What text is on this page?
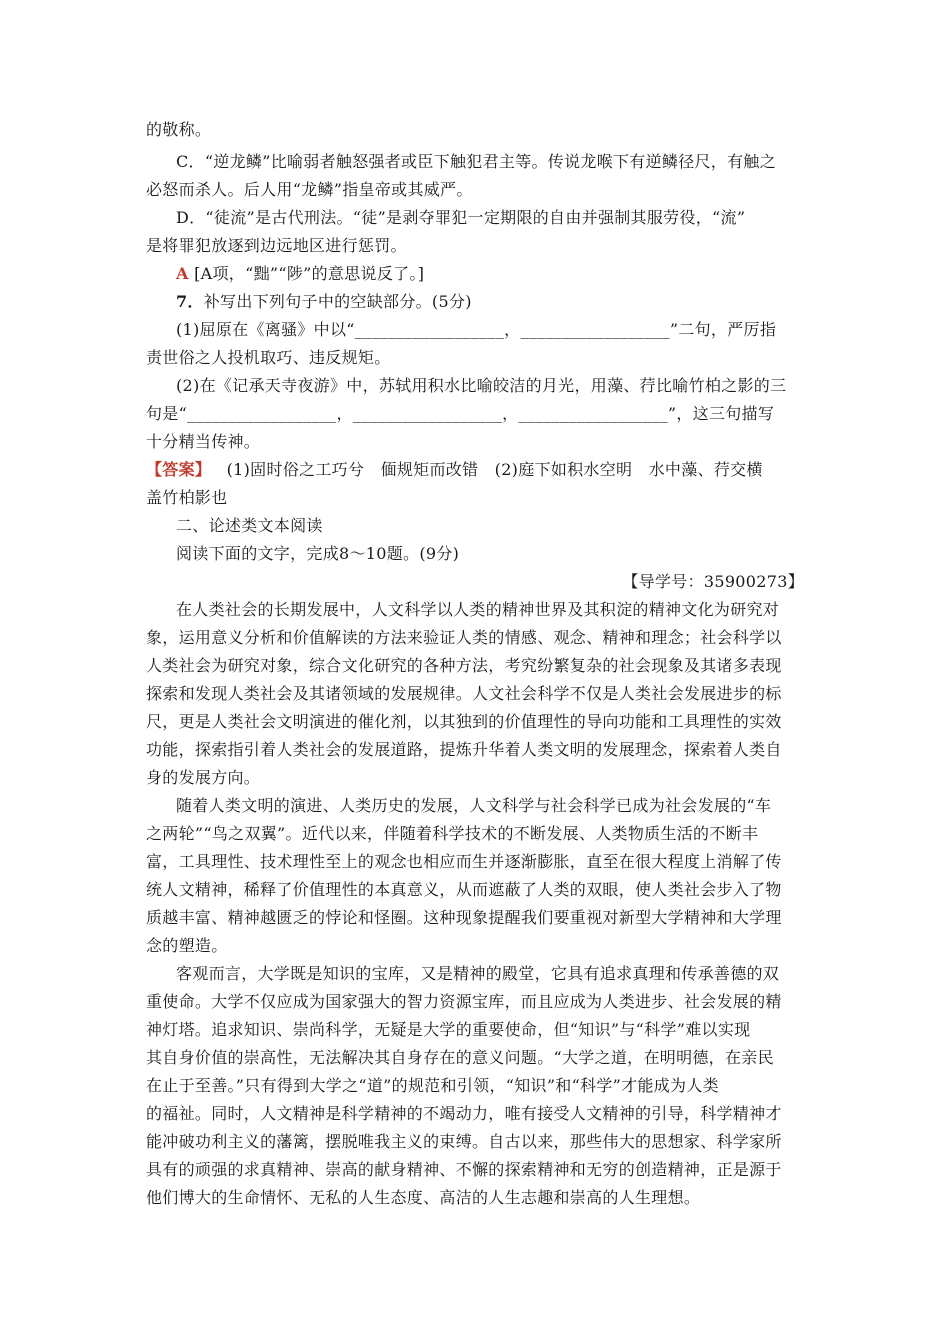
的敬称。
C．“逆龙鳞”比喻弱者触怒强者或臣下触犯君主等。传说龙喉下有逆鳞径尺，有触之
必怒而杀人。后人用“龙鳞”指皇帝或其威严。
D．“徒流”是古代刑法。“徒”是剥夺罪犯一定期限的自由并强制其服劳役，“流”
是将罪犯放逐到边远地区进行惩罚。
A [A项，“黜”“陟”的意思说反了。]
7．补写出下列句子中的空缺部分。(5分)
(1)屈原在《离骚》中以“__________________，__________________”二句，严厉指
责世俗之人投机取巧、违反规矩。
(2)在《记承天寺夜游》中，苏轼用积水比喻皎洁的月光，用藻、荇比喻竹柏之影的三
句是“__________________，__________________，__________________”，这三句描写
十分精当传神。
【答案】 (1)固时俗之工巧兮　偭规矩而改错　(2)庭下如积水空明　水中藻、荇交横
盖竹柏影也
二、论述类文本阅读
阅读下面的文字，完成8～10题。(9分)
【导学号：35900273】
在人类社会的长期发展中，人文科学以人类的精神世界及其积淀的精神文化为研究对
象，运用意义分析和价值解读的方法来验证人类的情感、观念、精神和理念；社会科学以
人类社会为研究对象，综合文化研究的各种方法，考究纷繁复杂的社会现象及其诸多表现
探索和发现人类社会及其诸领域的发展规律。人文社会科学不仅是人类社会发展进步的标
尺，更是人类社会文明演进的催化剂，以其独到的价值理性的导向功能和工具理性的实效
功能，探索指引着人类社会的发展道路，提炼升华着人类文明的发展理念，探索着人类自
身的发展方向。
随着人类文明的演进、人类历史的发展，人文科学与社会科学已成为社会发展的“车
之两轮”“鸟之双翼”。近代以来，伴随着科学技术的不断发展、人类物质生活的不断丰
富，工具理性、技术理性至上的观念也相应而生并逐渐膨胀，直至在很大程度上消解了传
统人文精神，稀释了价值理性的本真意义，从而遮蔽了人类的双眼，使人类社会步入了物
质越丰富、精神越匮乏的悖论和怪圈。这种现象提醒我们要重视对新型大学精神和大学理
念的塑造。
客观而言，大学既是知识的宝库，又是精神的殿堂，它具有追求真理和传承善德的双
重使命。大学不仅应成为国家强大的智力资源宝库，而且应成为人类进步、社会发展的精
神灯塔。追求知识、崇尚科学，无疑是大学的重要使命，但“知识”与“科学”难以实现
其自身价值的崇高性，无法解决其自身存在的意义问题。“大学之道，在明明德，在亲民
在止于至善。”只有得到大学之“道”的规范和引领，“知识”和“科学”才能成为人类
的福祉。同时，人文精神是科学精神的不竭动力，唯有接受人文精神的引导，科学精神才
能冲破功利主义的藩篱，摆脱唯我主义的束缚。自古以来，那些伟大的思想家、科学家所
具有的顽强的求真精神、崇高的献身精神、不懈的探索精神和无穷的创造精神，正是源于
他们博大的生命情怀、无私的人生态度、高洁的人生志趣和崇高的人生理想。
